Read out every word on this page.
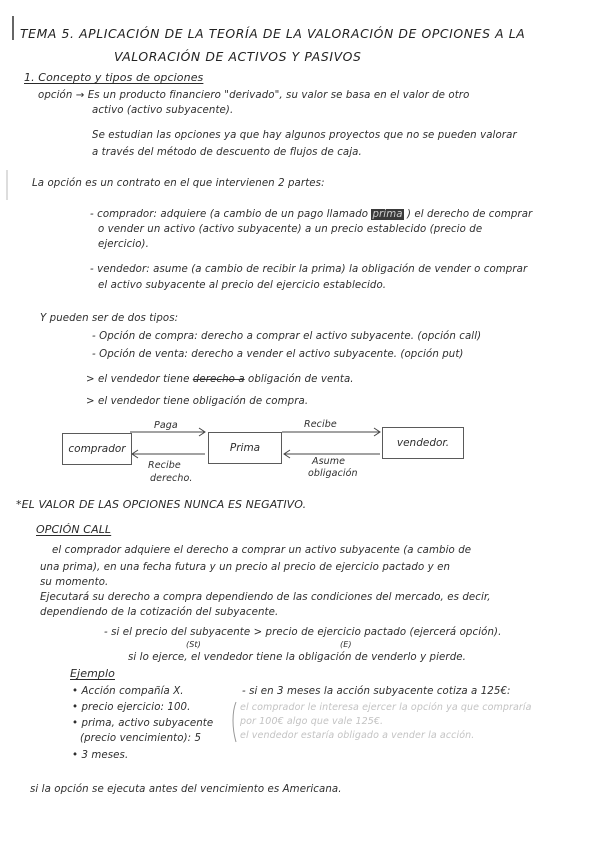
TEMA 5. APLICACIÓN DE LA TEORÍA DE LA VALORACIÓN DE OPCIONES A LA
VALORACIÓN DE ACTIVOS Y PASIVOS
1. Concepto y tipos de opciones
opción → Es un producto financiero "derivado", su valor se basa en el valor de otro
activo (activo subyacente).
Se estudian las opciones ya que hay algunos proyectos que no se pueden valorar
a través del método de descuento de flujos de caja.
La opción es un contrato en el que intervienen 2 partes:
- comprador: adquiere (a cambio de un pago llamado prima ) el derecho de comprar
o vender un activo (activo subyacente) a un precio establecido (precio de
ejercicio).
- vendedor: asume (a cambio de recibir la prima) la obligación de vender o comprar
el activo subyacente al precio del ejercicio establecido.
Y pueden ser de dos tipos:
- Opción de compra: derecho a comprar el activo subyacente. (opción call)
- Opción de venta: derecho a vender el activo subyacente. (opción put)
> el vendedor tiene derecho a obligación de venta.
> el vendedor tiene obligación de compra.
comprador	Prima	vendedor.
Paga	Recibe
Recibe
derecho.
Asume
obligación
*EL VALOR DE LAS OPCIONES NUNCA ES NEGATIVO.
OPCIÓN CALL
el comprador adquiere el derecho a comprar un activo subyacente (a cambio de
una prima), en una fecha futura y un precio al precio de ejercicio pactado y en
su momento.
Ejecutará su derecho a compra dependiendo de las condiciones del mercado, es decir,
dependiendo de la cotización del subyacente.
- si el precio del subyacente > precio de ejercicio pactado (ejercerá opción).
(St)	(E)
si lo ejerce, el vendedor tiene la obligación de venderlo y pierde.
Ejemplo
• Acción compañía X.
• precio ejercicio: 100.
• prima, activo subyacente
(precio vencimiento): 5
• 3 meses.
- si en 3 meses la acción subyacente cotiza a 125€:
el comprador le interesa ejercer la opción ya que compraría
por 100€ algo que vale 125€.
el vendedor estaría obligado a vender la acción.
si la opción se ejecuta antes del vencimiento es Americana.
